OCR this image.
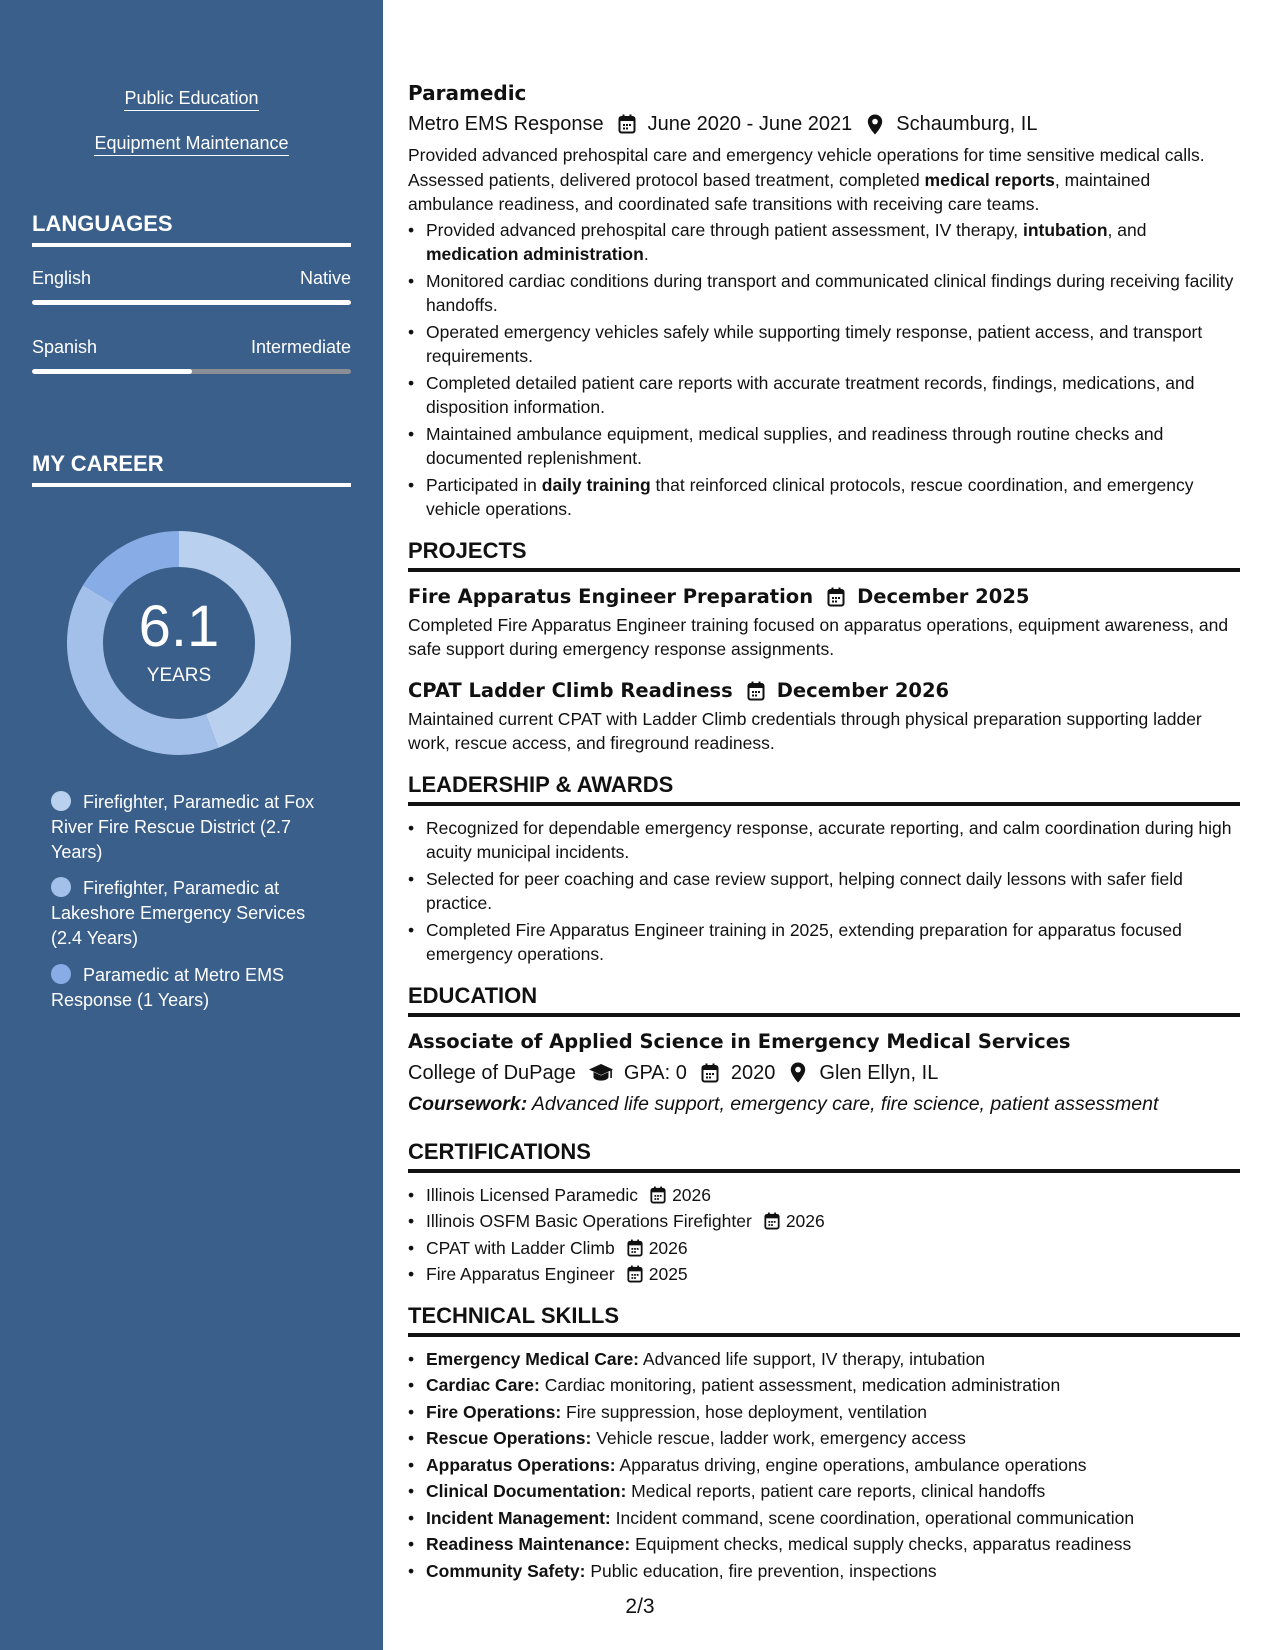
Public Education
Equipment Maintenance
LANGUAGES
English	Native
Spanish	Intermediate
MY CAREER
6.1
YEARS
Firefighter, Paramedic at Fox River Fire Rescue District (2.7 Years)
Firefighter, Paramedic at Lakeshore Emergency Services (2.4 Years)
Paramedic at Metro EMS Response (1 Years)
Paramedic
Metro EMS Response June 2020 - June 2021 Schaumburg, IL

Provided advanced prehospital care and emergency vehicle operations for time sensitive medical calls. Assessed patients, delivered protocol based treatment, completed medical reports, maintained ambulance readiness, and coordinated safe transitions with receiving care teams.

• Provided advanced prehospital care through patient assessment, IV therapy, intubation, and medication administration.
• Monitored cardiac conditions during transport and communicated clinical findings during receiving facility handoffs.
• Operated emergency vehicles safely while supporting timely response, patient access, and transport requirements.
• Completed detailed patient care reports with accurate treatment records, findings, medications, and disposition information.
• Maintained ambulance equipment, medical supplies, and readiness through routine checks and documented replenishment.
• Participated in daily training that reinforced clinical protocols, rescue coordination, and emergency vehicle operations.
PROJECTS
Fire Apparatus Engineer Preparation December 2025

Completed Fire Apparatus Engineer training focused on apparatus operations, equipment awareness, and safe support during emergency response assignments.

CPAT Ladder Climb Readiness December 2026

Maintained current CPAT with Ladder Climb credentials through physical preparation supporting ladder work, rescue access, and fireground readiness.

LEADERSHIP & AWARDS
• Recognized for dependable emergency response, accurate reporting, and calm coordination during high acuity municipal incidents.
• Selected for peer coaching and case review support, helping connect daily lessons with safer field practice.
• Completed Fire Apparatus Engineer training in 2025, extending preparation for apparatus focused emergency operations.
EDUCATION
Associate of Applied Science in Emergency Medical Services
College of DuPage GPA: 0 2020 Glen Ellyn, IL
Coursework: Advanced life support, emergency care, fire science, patient assessment
CERTIFICATIONS
• Illinois Licensed Paramedic 2026
• Illinois OSFM Basic Operations Firefighter 2026
• CPAT with Ladder Climb 2026
• Fire Apparatus Engineer 2025
TECHNICAL SKILLS
• Emergency Medical Care: Advanced life support, IV therapy, intubation
• Cardiac Care: Cardiac monitoring, patient assessment, medication administration
• Fire Operations: Fire suppression, hose deployment, ventilation
• Rescue Operations: Vehicle rescue, ladder work, emergency access
• Apparatus Operations: Apparatus driving, engine operations, ambulance operations
• Clinical Documentation: Medical reports, patient care reports, clinical handoffs
• Incident Management: Incident command, scene coordination, operational communication
• Readiness Maintenance: Equipment checks, medical supply checks, apparatus readiness
• Community Safety: Public education, fire prevention, inspections
2/3
